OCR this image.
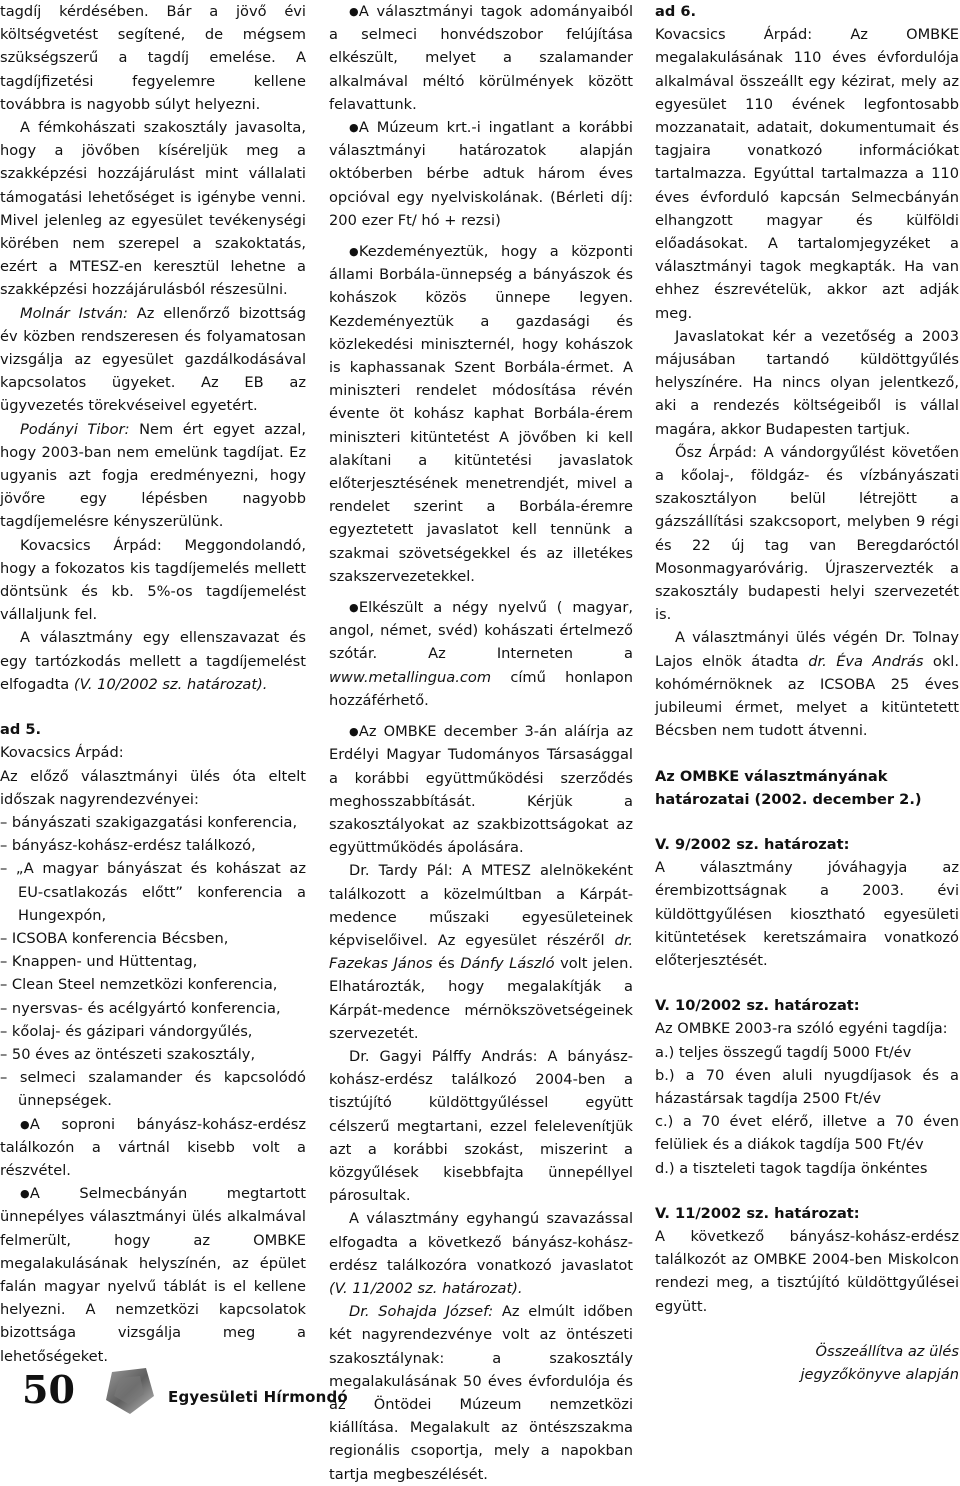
tagdíj kérdésében. Bár a jövő évi költségvetést segítené, de mégsem szükségszerű a tagdíj emelése. A tagdíjfizetési fegyelemre kellene továbbra is nagyobb súlyt helyezni.

A fémkohászati szakosztály javasolta, hogy a jövőben kíséreljük meg a szakképzési hozzájárulást mint vállalati támogatási lehetőséget is igénybe venni. Mivel jelenleg az egyesület tevékenységi körében nem szerepel a szakoktatás, ezért a MTESZ-en keresztül lehetne a szakképzési hozzájárulásból részesülni.

Molnár István: Az ellenőrző bizottság év közben rendszeresen és folyamatosan vizsgálja az egyesület gazdálkodásával kapcsolatos ügyeket. Az EB az ügyvezetés törekvéseivel egyetért.

Podányi Tibor: Nem ért egyet azzal, hogy 2003-ban nem emelünk tagdíjat. Ez ugyanis azt fogja eredményezni, hogy jövőre egy lépésben nagyobb tagdíjemelésre kényszerülünk.

Kovacsics Árpád: Meggondolandó, hogy a fokozatos kis tagdíjemelés mellett döntsünk és kb. 5%-os tagdíjemelést vállaljunk fel.

A választmány egy ellenszavazat és egy tartózkodás mellett a tagdíjemelést elfogadta (V. 10/2002 sz. határozat).

ad 5.

Kovacsics Árpád:

Az előző választmányi ülés óta eltelt időszak nagyrendezvényei:

– bányászati szakigazgatási konferencia,

– bányász-kohász-erdész találkozó,

– „A magyar bányászat és kohászat az EU-csatlakozás előtt” konferencia a Hungexpón,

– ICSOBA konferencia Bécsben,

– Knappen- und Hüttentag,

– Clean Steel nemzetközi konferencia,

– nyersvas- és acélgyártó konferencia,

– kőolaj- és gázipari vándorgyűlés,

– 50 éves az öntészeti szakosztály,

– selmeci szalamander és kapcsolódó ünnepségek.

● A soproni bányász-kohász-erdész találkozón a vártnál kisebb volt a részvétel.

● A Selmecbányán megtartott ünnepélyes választmányi ülés alkalmával felmerült, hogy az OMBKE megalakulásának helyszínén, az épület falán magyar nyelvű táblát is el kellene helyezni. A nemzetközi kapcsolatok bizottsága vizsgálja meg a lehetőségeket.

● A választmányi tagok adományaiból a selmeci honvédszobor felújítása elkészült, melyet a szalamander alkalmával méltó körülmények között felavattunk.

● A Múzeum krt.-i ingatlant a korábbi választmányi határozatok alapján októberben bérbe adtuk három éves opcióval egy nyelviskolának. (Bérleti díj: 200 ezer Ft/ hó + rezsi)

● Kezdeményeztük, hogy a központi állami Borbála-ünnepség a bányászok és kohászok közös ünnepe legyen. Kezdeményeztük a gazdasági és közlekedési miniszternél, hogy kohászok is kaphassanak Szent Borbála-érmet. A miniszteri rendelet módosítása révén évente öt kohász kaphat Borbála-érem miniszteri kitüntetést A jövőben ki kell alakítani a kitüntetési javaslatok előterjesztésének menetrendjét, mivel a rendelet szerint a Borbála-éremre egyeztetett javaslatot kell tennünk a szakmai szövetségekkel és az illetékes szakszervezetekkel.

● Elkészült a négy nyelvű ( magyar, angol, német, svéd) kohászati értelmező szótár. Az Interneten a www.metallingua.com című honlapon hozzáférhető.

● Az OMBKE december 3-án aláírja az Erdélyi Magyar Tudományos Társasággal a korábbi együttműködési szerződés meghosszabbítását. Kérjük a szakosztályokat az szakbizottságokat az együttműködés ápolására.

Dr. Tardy Pál: A MTESZ alelnökeként találkozott a közelmúltban a Kárpát-medence műszaki egyesületeinek képviselőivel. Az egyesület részéről dr. Fazekas János és Dánfy László volt jelen. Elhatározták, hogy megalakítják a Kárpát-medence mérnökszövetségeinek szervezetét.

Dr. Gagyi Pálffy András: A bányász-kohász-erdész találkozó 2004-ben a tisztújító küldöttgyűléssel együtt célszerű megtartani, ezzel felelevenítjük azt a korábbi szokást, miszerint a közgyűlések kisebbfajta ünnepéllyel párosultak.

A választmány egyhangú szavazással elfogadta a következő bányász-kohász-erdész találkozóra vonatkozó javaslatot (V. 11/2002 sz. határozat).

Dr. Sohajda József: Az elmúlt időben két nagyrendezvénye volt az öntészeti szakosztálynak: a szakosztály megalakulásának 50 éves évfordulója és az Öntödei Múzeum nemzetközi kiállítása. Megalakult az öntészszakma regionális csoportja, mely a napokban tartja megbeszélését.

ad 6.

Kovacsics Árpád: Az OMBKE megalakulásának 110 éves évfordulója alkalmával összeállt egy kézirat, mely az egyesület 110 évének legfontosabb mozzanatait, adatait, dokumentumait és tagjaira vonatkozó információkat tartalmazza. Egyúttal tartalmazza a 110 éves évforduló kapcsán Selmecbányán elhangzott magyar és külföldi előadásokat. A tartalomjegyzéket a választmányi tagok megkapták. Ha van ehhez észrevételük, akkor azt adják meg.

Javaslatokat kér a vezetőség a 2003 májusában tartandó küldöttgyűlés helyszínére. Ha nincs olyan jelentkező, aki a rendezés költségeiből is vállal magára, akkor Budapesten tartjuk.

Ősz Árpád: A vándorgyűlést követően a kőolaj-, földgáz- és vízbányászati szakosztályon belül létrejött a gázszállítási szakcsoport, melyben 9 régi és 22 új tag van Beregdaróctól Mosonmagyaróvárig. Újraszervezték a szakosztály budapesti helyi szervezetét is.

A választmányi ülés végén Dr. Tolnay Lajos elnök átadta dr. Éva András okl. kohómérnöknek az ICSOBA 25 éves jubileumi érmet, melyet a kitüntetett Bécsben nem tudott átvenni.

Az OMBKE választmányának határozatai (2002. december 2.)

V. 9/2002 sz. határozat:

A választmány jóváhagyja az érembizottságnak a 2003. évi küldöttgyűlésen kiosztható egyesületi kitüntetések keretszámaira vonatkozó előterjesztését.

V. 10/2002 sz. határozat:

Az OMBKE 2003-ra szóló egyéni tagdíja:

a.) teljes összegű tagdíj 5000 Ft/év

b.) a 70 éven aluli nyugdíjasok és a házastársak tagdíja 2500 Ft/év

c.) a 70 évet elérő, illetve a 70 éven felüliek és a diákok tagdíja 500 Ft/év

d.) a tiszteleti tagok tagdíja önkéntes

V. 11/2002 sz. határozat:

A következő bányász-kohász-erdész találkozót az OMBKE 2004-ben Miskolcon rendezi meg, a tisztújító küldöttgyűlései együtt.

Összeállítva az ülés

jegyzőkönyve alapján

50	Egyesületi Hírmondó
